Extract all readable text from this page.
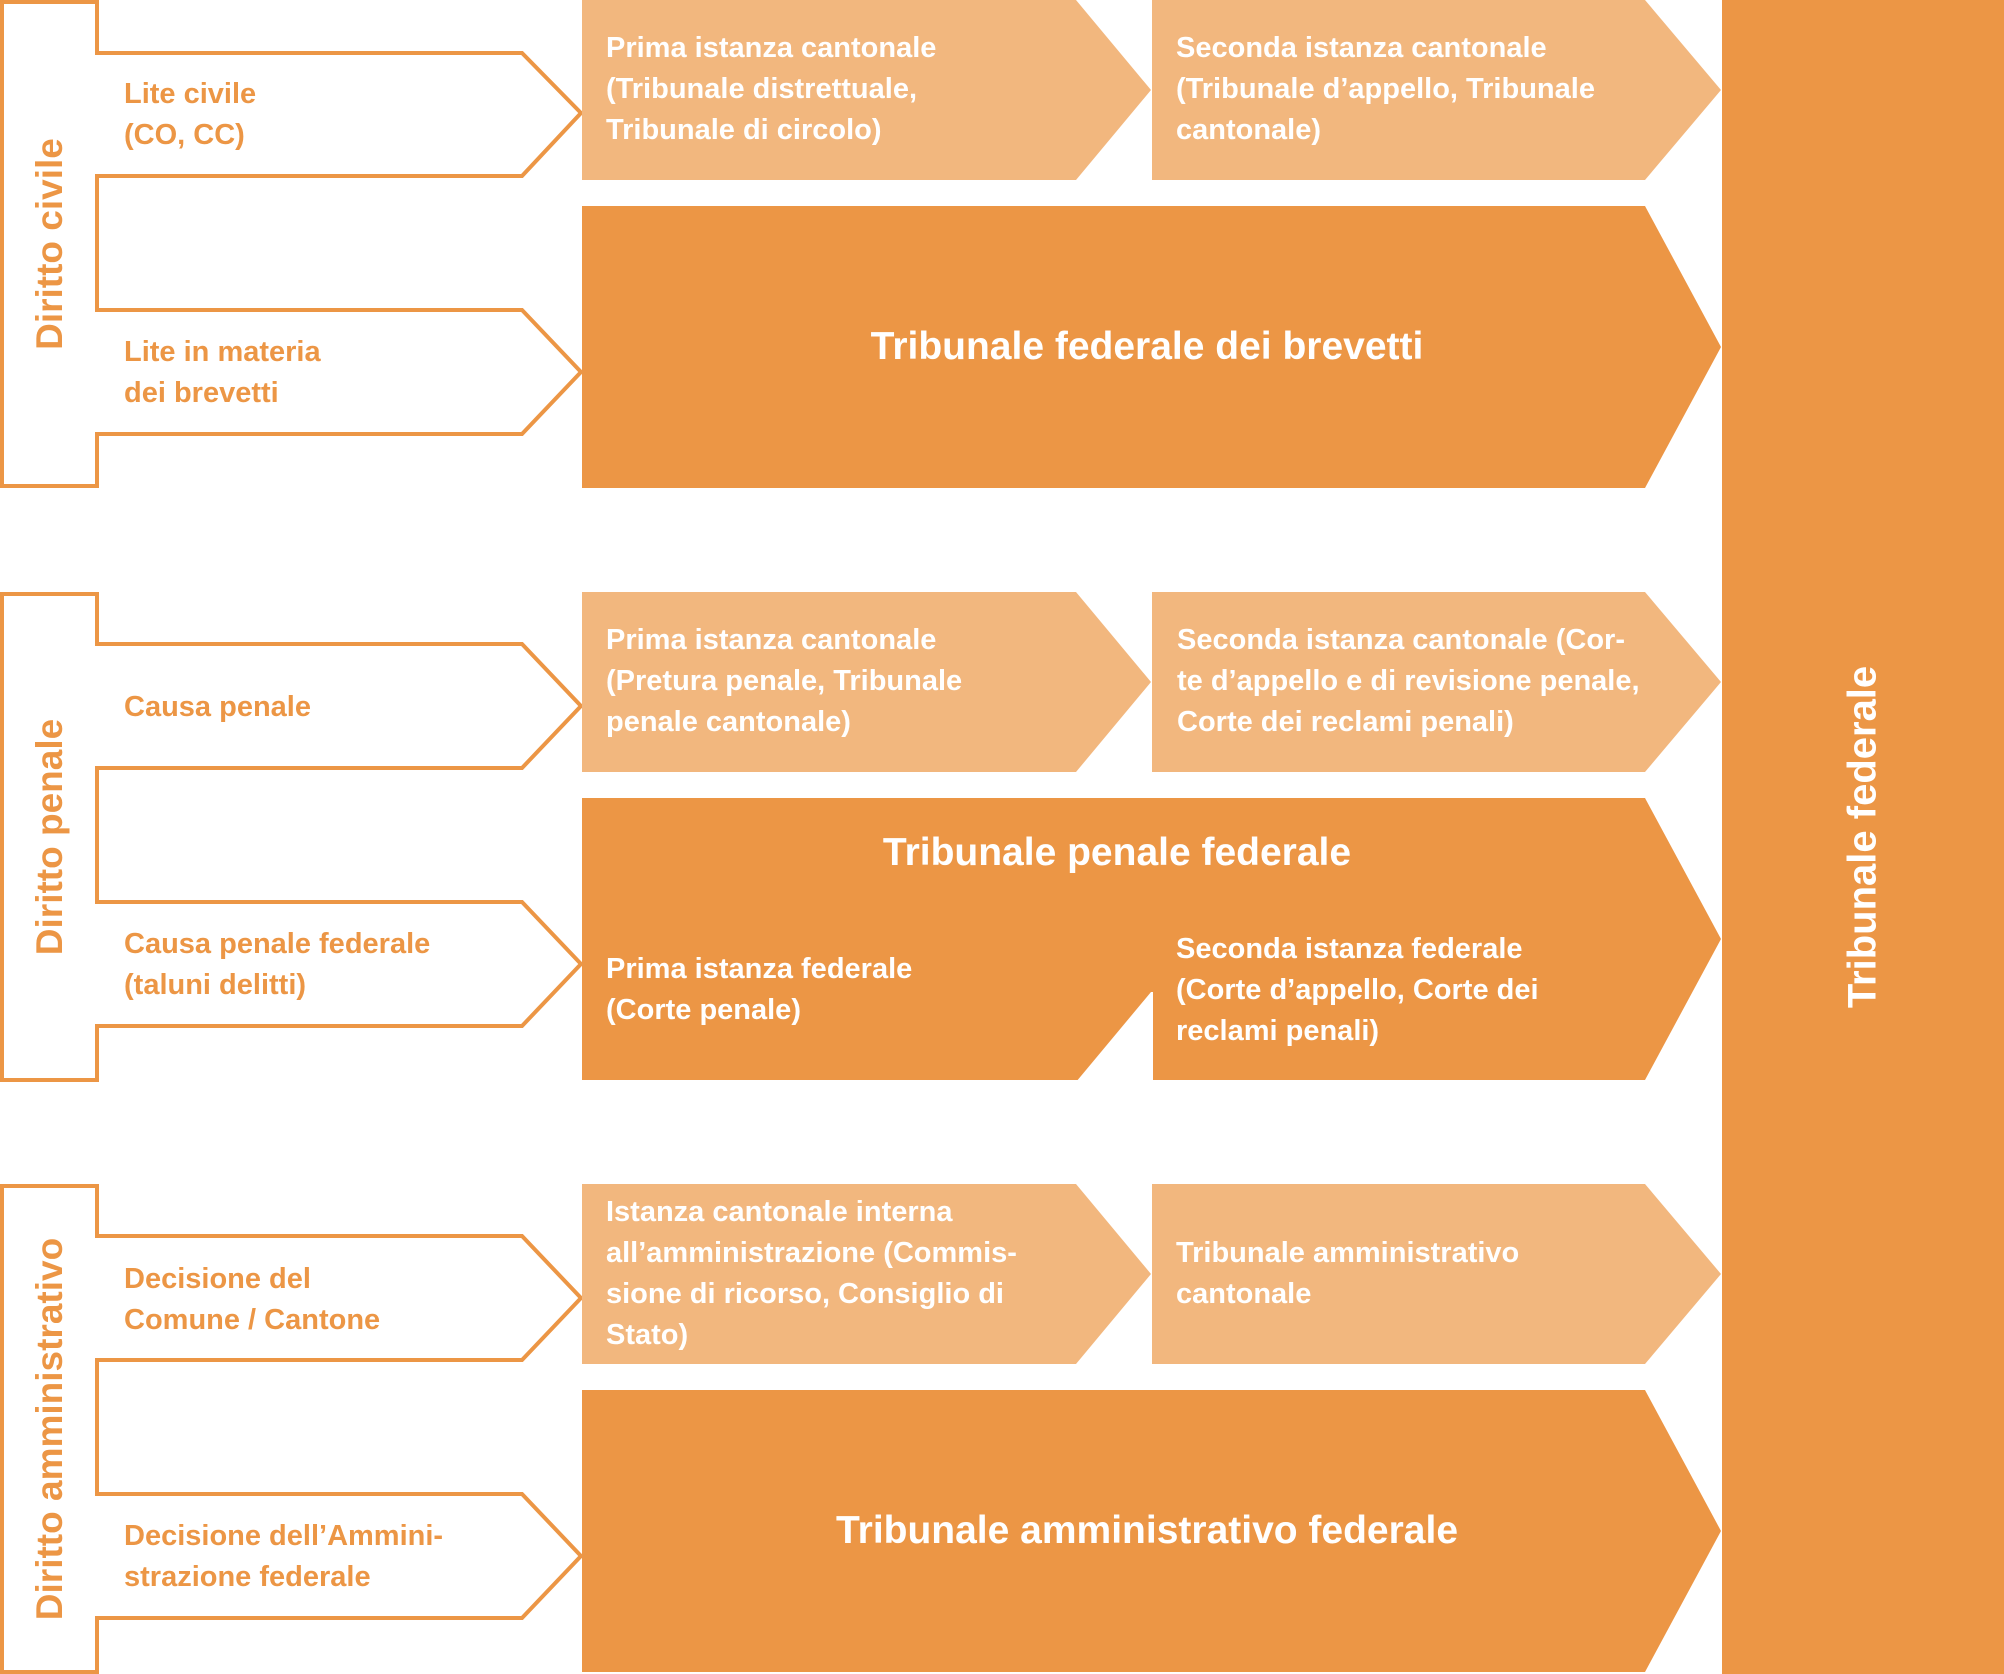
Diritto civile

Diritto penale

Diritto amministrativo

Tribunale federale

Lite civile
(CO, CC)

Lite in materia
dei brevetti

Prima istanza cantonale
(Tribunale distrettuale,
Tribunale di circolo)

Seconda istanza cantonale
(Tribunale d’appello, Tribunale
cantonale)

Tribunale federale dei brevetti

Causa penale

Causa penale federale
(taluni delitti)

Prima istanza cantonale
(Pretura penale, Tribunale
penale cantonale)

Seconda istanza cantonale (Cor-
te d’appello e di revisione penale,
Corte dei reclami penali)

Tribunale penale federale

Prima istanza federale
(Corte penale)

Seconda istanza federale
(Corte d’appello, Corte dei
reclami penali)

Decisione del
Comune / Cantone

Decisione dell’Ammini-
strazione federale

Istanza cantonale interna
all’amministrazione (Commis-
sione di ricorso, Consiglio di
Stato)

Tribunale amministrativo
cantonale

Tribunale amministrativo federale
